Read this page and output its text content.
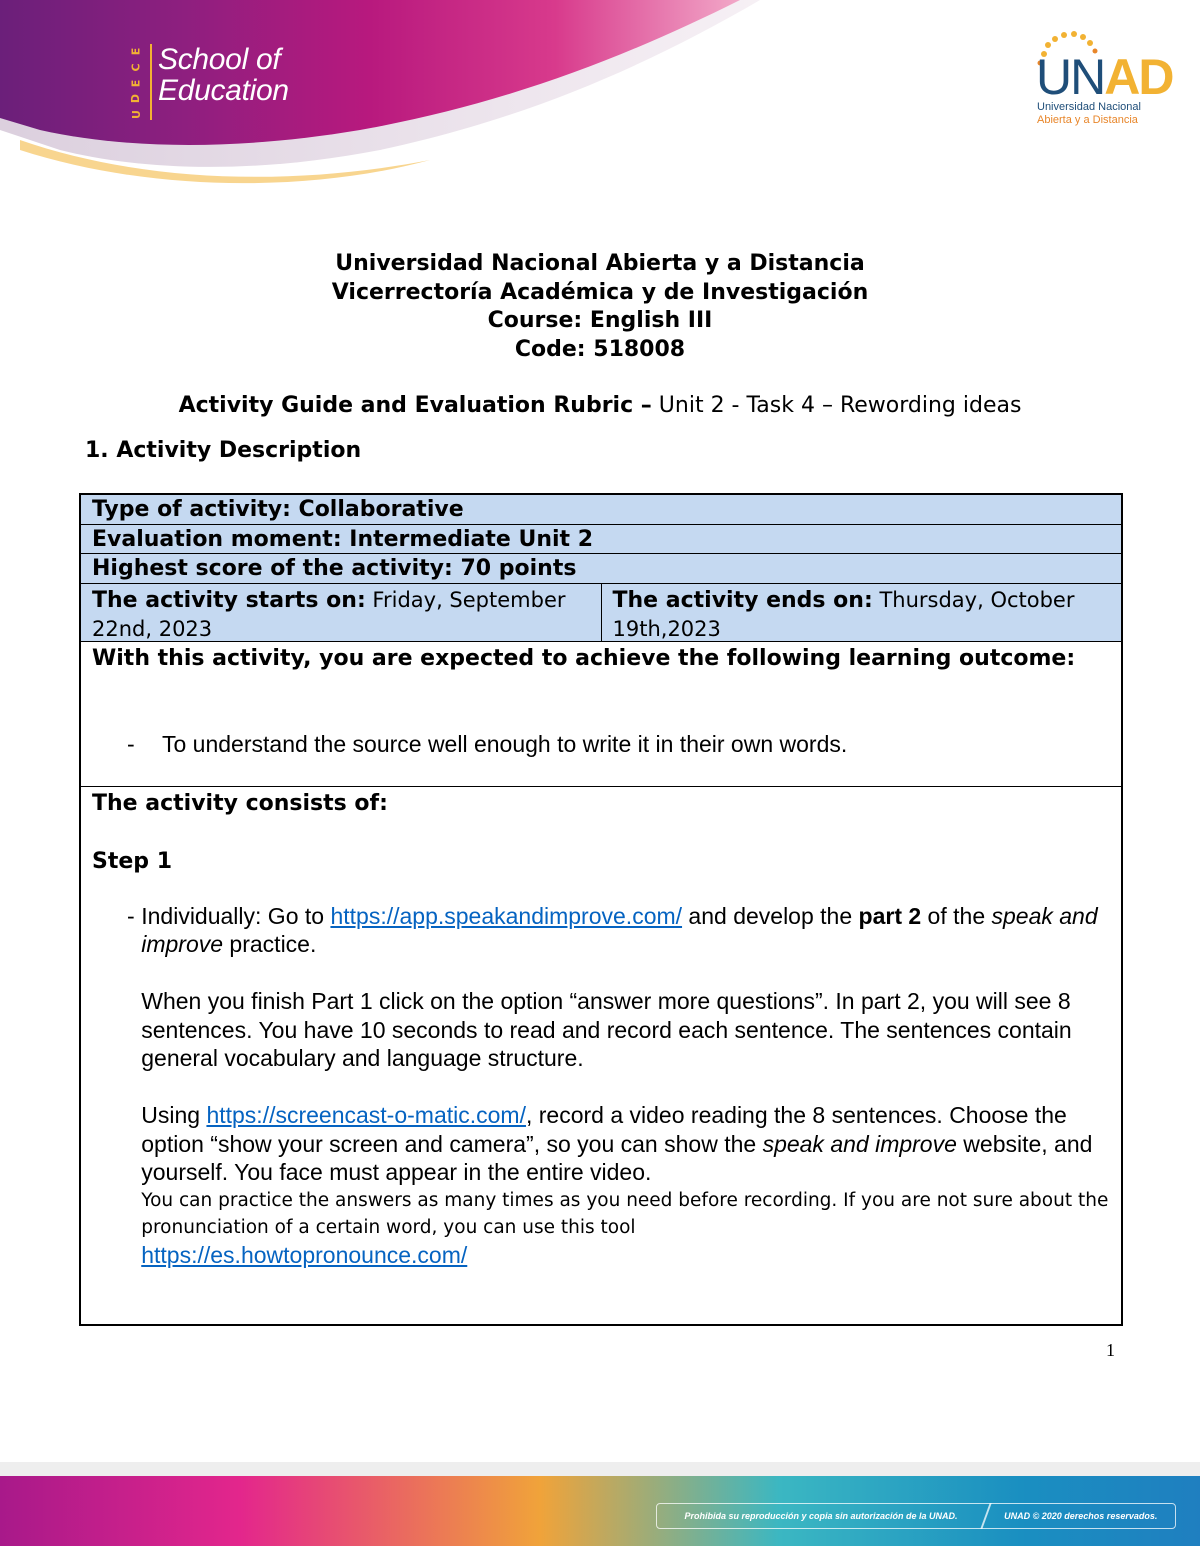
E
C
E
D
U
School of
Education	UNAD
Universidad Nacional
Abierta y a Distancia
Universidad Nacional Abierta y a Distancia
Vicerrectoría Académica y de Investigación
Course: English III
Code: 518008
Activity Guide and Evaluation Rubric – Unit 2 - Task 4 – Rewording ideas
1. Activity Description
Type of activity: Collaborative
Evaluation moment: Intermediate Unit 2
Highest score of the activity: 70 points
The activity starts on: Friday, September 22nd, 2023
The activity ends on: Thursday, October 19th,2023
With this activity, you are expected to achieve the following learning outcome:
-	To understand the source well enough to write it in their own words.
The activity consists of:
Step 1
- Individually: Go to https://app.speakandimprove.com/ and develop the part 2 of the speak and improve practice.

When you finish Part 1 click on the option “answer more questions”. In part 2, you will see 8 sentences. You have 10 seconds to read and record each sentence. The sentences contain general vocabulary and language structure.

Using https://screencast-o-matic.com/, record a video reading the 8 sentences. Choose the option “show your screen and camera”, so you can show the speak and improve website, and yourself. You face must appear in the entire video.

You can practice the answers as many times as you need before recording. If you are not sure about the pronunciation of a certain word, you can use this tool

https://es.howtopronounce.com/

1
Prohibida su reproducción y copia sin autorización de la UNAD.	UNAD © 2020 derechos reservados.
